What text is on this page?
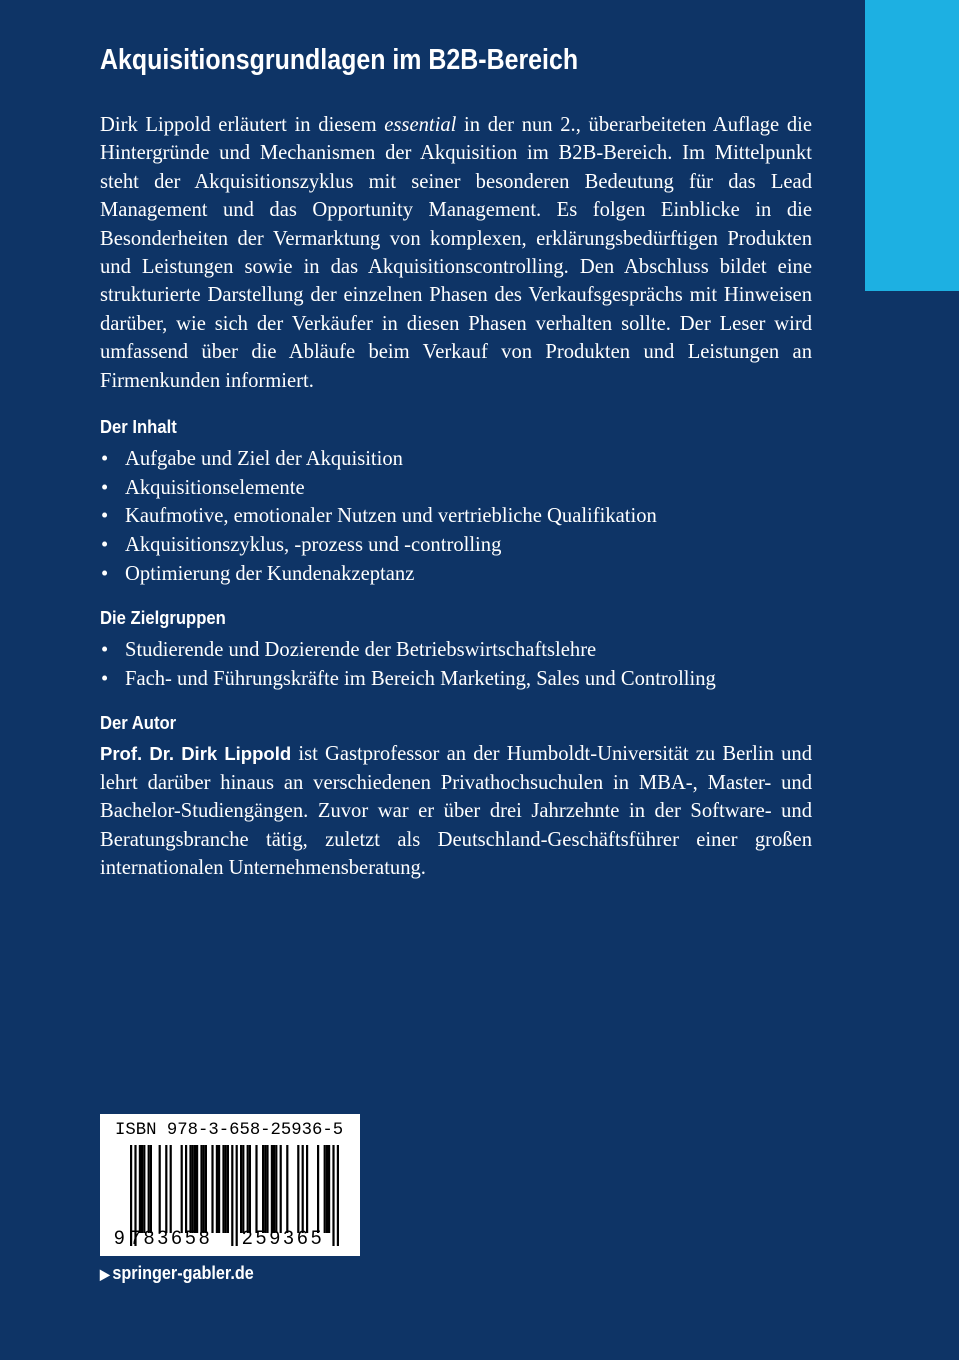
Akquisitionsgrundlagen im B2B-Bereich

Dirk Lippold erläutert in diesem essential in der nun 2., überarbeiteten Auflage die Hintergründe und Mechanismen der Akquisition im B2B-Bereich. Im Mittelpunkt steht der Akquisitionszyklus mit seiner besonderen Bedeutung für das Lead Management und das Opportunity Management. Es folgen Einblicke in die Besonderheiten der Vermarktung von komplexen, erklärungsbedürftigen Produkten und Leistungen sowie in das Akquisitionscontrolling. Den Abschluss bildet eine strukturierte Darstellung der einzelnen Phasen des Verkaufsgesprächs mit Hinweisen darüber, wie sich der Verkäufer in diesen Phasen verhalten sollte. Der Leser wird umfassend über die Abläufe beim Verkauf von Produkten und Leistungen an Firmenkunden informiert.

Der Inhalt
• Aufgabe und Ziel der Akquisition
• Akquisitionselemente
• Kaufmotive, emotionaler Nutzen und vertriebliche Qualifikation
• Akquisitionszyklus, -prozess und -controlling
• Optimierung der Kundenakzeptanz
Die Zielgruppen
• Studierende und Dozierende der Betriebswirtschaftslehre
• Fach- und Führungskräfte im Bereich Marketing, Sales und Controlling
Der Autor

Prof. Dr. Dirk Lippold ist Gastprofessor an der Humboldt-Universität zu Berlin und lehrt darüber hinaus an verschiedenen Privathochsuchulen in MBA-, Master- und Bachelor-Studiengängen. Zuvor war er über drei Jahrzehnte in der Software- und Beratungsbranche tätig, zuletzt als Deutschland-Geschäftsführer einer großen internationalen Unternehmensberatung.

ISBN 978-3-658-25936-5
9 783658 259365
▶ springer-gabler.de
